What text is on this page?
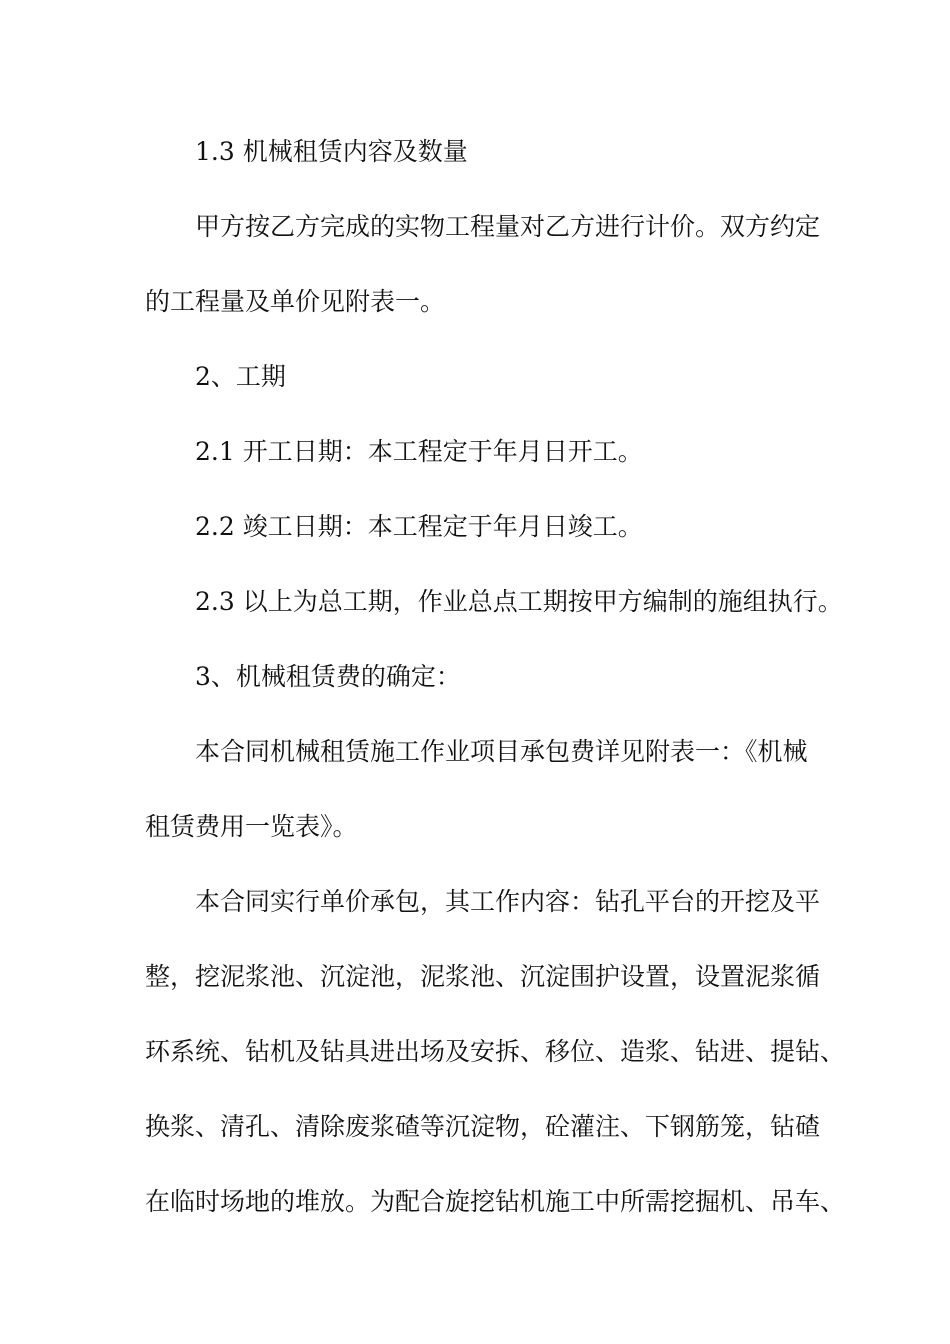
1.3 机械租赁内容及数量

甲方按乙方完成的实物工程量对乙方进行计价。双方约定

的工程量及单价见附表一。

2、工期

2.1 开工日期：本工程定于年月日开工。

2.2 竣工日期：本工程定于年月日竣工。

2.3 以上为总工期，作业总点工期按甲方编制的施组执行。

3、机械租赁费的确定：

本合同机械租赁施工作业项目承包费详见附表一：《机械

租赁费用一览表》。

本合同实行单价承包，其工作内容：钻孔平台的开挖及平

整，挖泥浆池、沉淀池，泥浆池、沉淀围护设置，设置泥浆循

环系统、钻机及钻具进出场及安拆、移位、造浆、钻进、提钻、

换浆、清孔、清除废浆碴等沉淀物，砼灌注、下钢筋笼，钻碴

在临时场地的堆放。为配合旋挖钻机施工中所需挖掘机、吊车、
